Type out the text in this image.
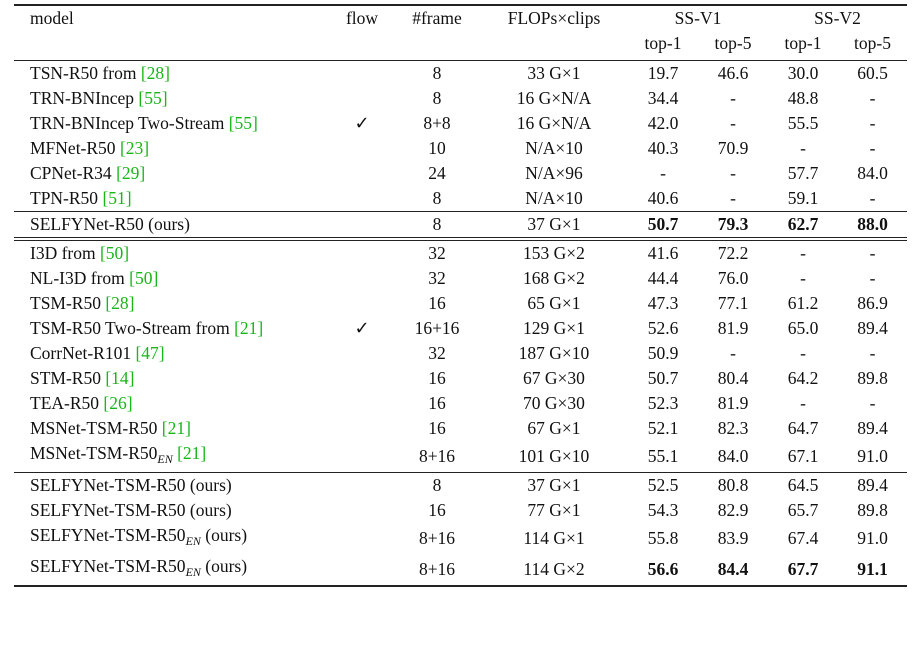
model	flow	#frame	FLOPs×clips	SS-V1		SS-V2	
				top-1	top-5	top-1	top-5
TSN-R50 from [28]		8	33 G×1	19.7	46.6	30.0	60.5
TRN-BNIncep [55]		8	16 G×N/A	34.4	-	48.8	-
TRN-BNIncep Two-Stream [55]	✓	8+8	16 G×N/A	42.0	-	55.5	-
MFNet-R50 [23]		10	N/A×10	40.3	70.9	-	-
CPNet-R34 [29]		24	N/A×96	-	-	57.7	84.0
TPN-R50 [51]		8	N/A×10	40.6	-	59.1	-
SELFYNet-R50 (ours)		8	37 G×1	50.7	79.3	62.7	88.0
I3D from [50]		32	153 G×2	41.6	72.2	-	-
NL-I3D from [50]		32	168 G×2	44.4	76.0	-	-
TSM-R50 [28]		16	65 G×1	47.3	77.1	61.2	86.9
TSM-R50 Two-Stream from [21]	✓	16+16	129 G×1	52.6	81.9	65.0	89.4
CorrNet-R101 [47]		32	187 G×10	50.9	-	-	-
STM-R50 [14]		16	67 G×30	50.7	80.4	64.2	89.8
TEA-R50 [26]		16	70 G×30	52.3	81.9	-	-
MSNet-TSM-R50 [21]		16	67 G×1	52.1	82.3	64.7	89.4
MSNet-$TSM-R50_{EN}$ [21]		8+16	101 G×10	55.1	84.0	67.1	91.0
SELFYNet-TSM-R50 (ours)		8	37 G×1	52.5	80.8	64.5	89.4
SELFYNet-TSM-R50 (ours)		16	77 G×1	54.3	82.9	65.7	89.8
SELFYNet-$TSM-R50_{EN}$ (ours)		8+16	114 G×1	55.8	83.9	67.4	91.0
SELFYNet-$TSM-R50_{EN}$ (ours)		8+16	114 G×2	56.6	84.4	67.7	91.1
